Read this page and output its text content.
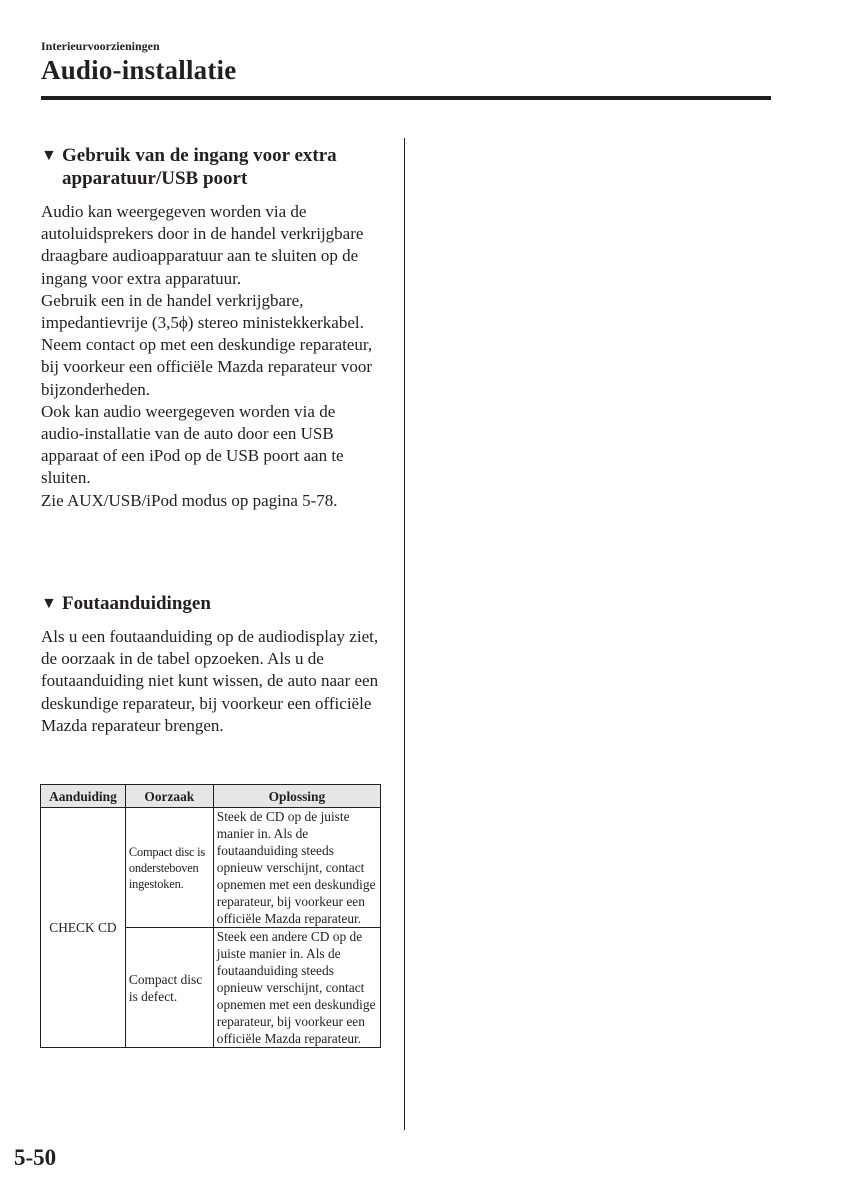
Interieurvoorzieningen
Audio-installatie
▼ Gebruik van de ingang voor extra apparatuur/USB poort

Audio kan weergegeven worden via de autoluidsprekers door in de handel verkrijgbare draagbare audioapparatuur aan te sluiten op de ingang voor extra apparatuur.

Gebruik een in de handel verkrijgbare, impedantievrije (3,5ϕ) stereo ministekkerkabel. Neem contact op met een deskundige reparateur, bij voorkeur een officiële Mazda reparateur voor bijzonderheden.

Ook kan audio weergegeven worden via de audio-installatie van de auto door een USB apparaat of een iPod op de USB poort aan te sluiten.

Zie AUX/USB/iPod modus op pagina 5-78.

▼ Foutaanduidingen

Als u een foutaanduiding op de audiodisplay ziet, de oorzaak in de tabel opzoeken. Als u de foutaanduiding niet kunt wissen, de auto naar een deskundige reparateur, bij voorkeur een officiële Mazda reparateur brengen.

Aanduiding	Oorzaak	Oplossing
CHECK CD	Compact disc is ondersteboven ingestoken.	Steek de CD op de juiste manier in. Als de foutaanduiding steeds opnieuw verschijnt, contact opnemen met een deskundige reparateur, bij voorkeur een officiële Mazda reparateur.
	Compact disc is defect.	Steek een andere CD op de juiste manier in. Als de foutaanduiding steeds opnieuw verschijnt, contact opnemen met een deskundige reparateur, bij voorkeur een officiële Mazda reparateur.
5-50
